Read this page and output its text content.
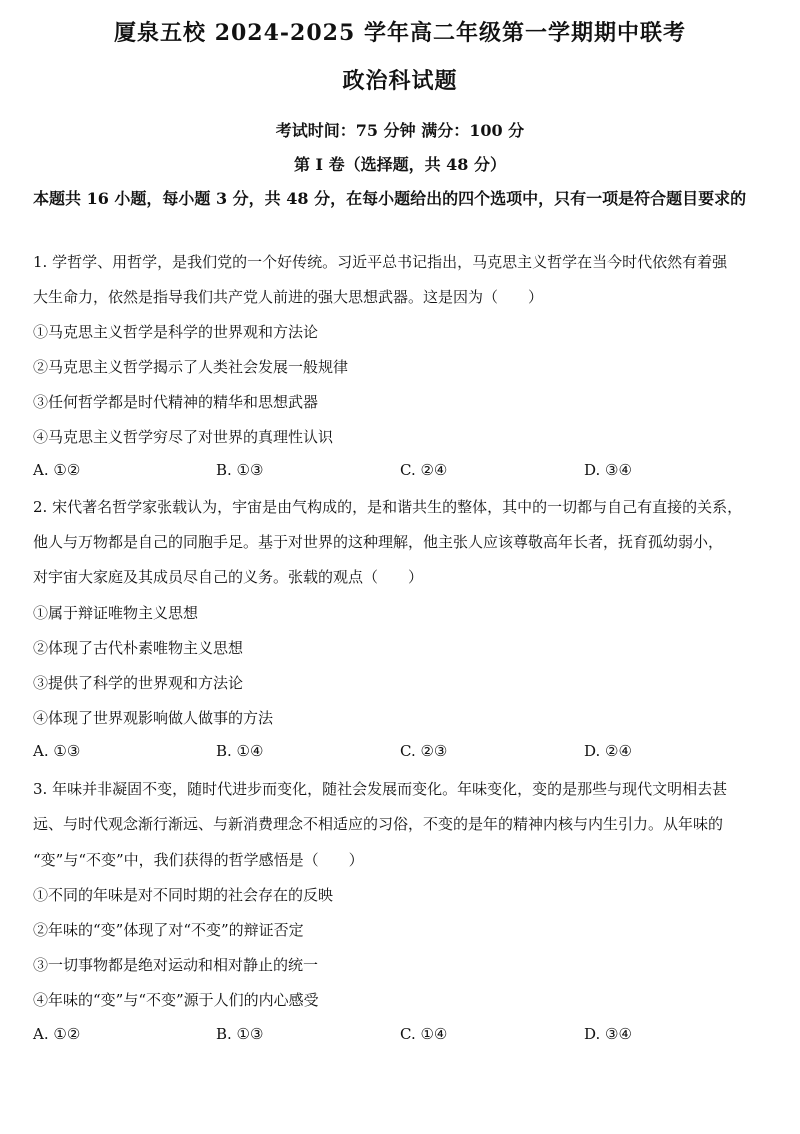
厦泉五校 2024-2025 学年高二年级第一学期期中联考
政治科试题
考试时间：75 分钟 满分：100 分
第 I 卷（选择题，共 48 分）
本题共 16 小题，每小题 3 分，共 48 分，在每小题给出的四个选项中，只有一项是符合题目要求的
1. 学哲学、用哲学，是我们党的一个好传统。习近平总书记指出，马克思主义哲学在当今时代依然有着强
大生命力，依然是指导我们共产党人前进的强大思想武器。这是因为（　　）
①马克思主义哲学是科学的世界观和方法论
②马克思主义哲学揭示了人类社会发展一般规律
③任何哲学都是时代精神的精华和思想武器
④马克思主义哲学穷尽了对世界的真理性认识
A. ①②	B. ①③	C. ②④	D. ③④
2. 宋代著名哲学家张载认为，宇宙是由气构成的，是和谐共生的整体，其中的一切都与自己有直接的关系，
他人与万物都是自己的同胞手足。基于对世界的这种理解，他主张人应该尊敬高年长者，抚育孤幼弱小，
对宇宙大家庭及其成员尽自己的义务。张载的观点（　　）
①属于辩证唯物主义思想
②体现了古代朴素唯物主义思想
③提供了科学的世界观和方法论
④体现了世界观影响做人做事的方法
A. ①③	B. ①④	C. ②③	D. ②④
3. 年味并非凝固不变，随时代进步而变化，随社会发展而变化。年味变化，变的是那些与现代文明相去甚
远、与时代观念渐行渐远、与新消费理念不相适应的习俗，不变的是年的精神内核与内生引力。从年味的
“变”与“不变”中，我们获得的哲学感悟是（　　）
①不同的年味是对不同时期的社会存在的反映
②年味的“变”体现了对“不变”的辩证否定
③一切事物都是绝对运动和相对静止的统一
④年味的“变”与“不变”源于人们的内心感受
A. ①②	B. ①③	C. ①④	D. ③④
